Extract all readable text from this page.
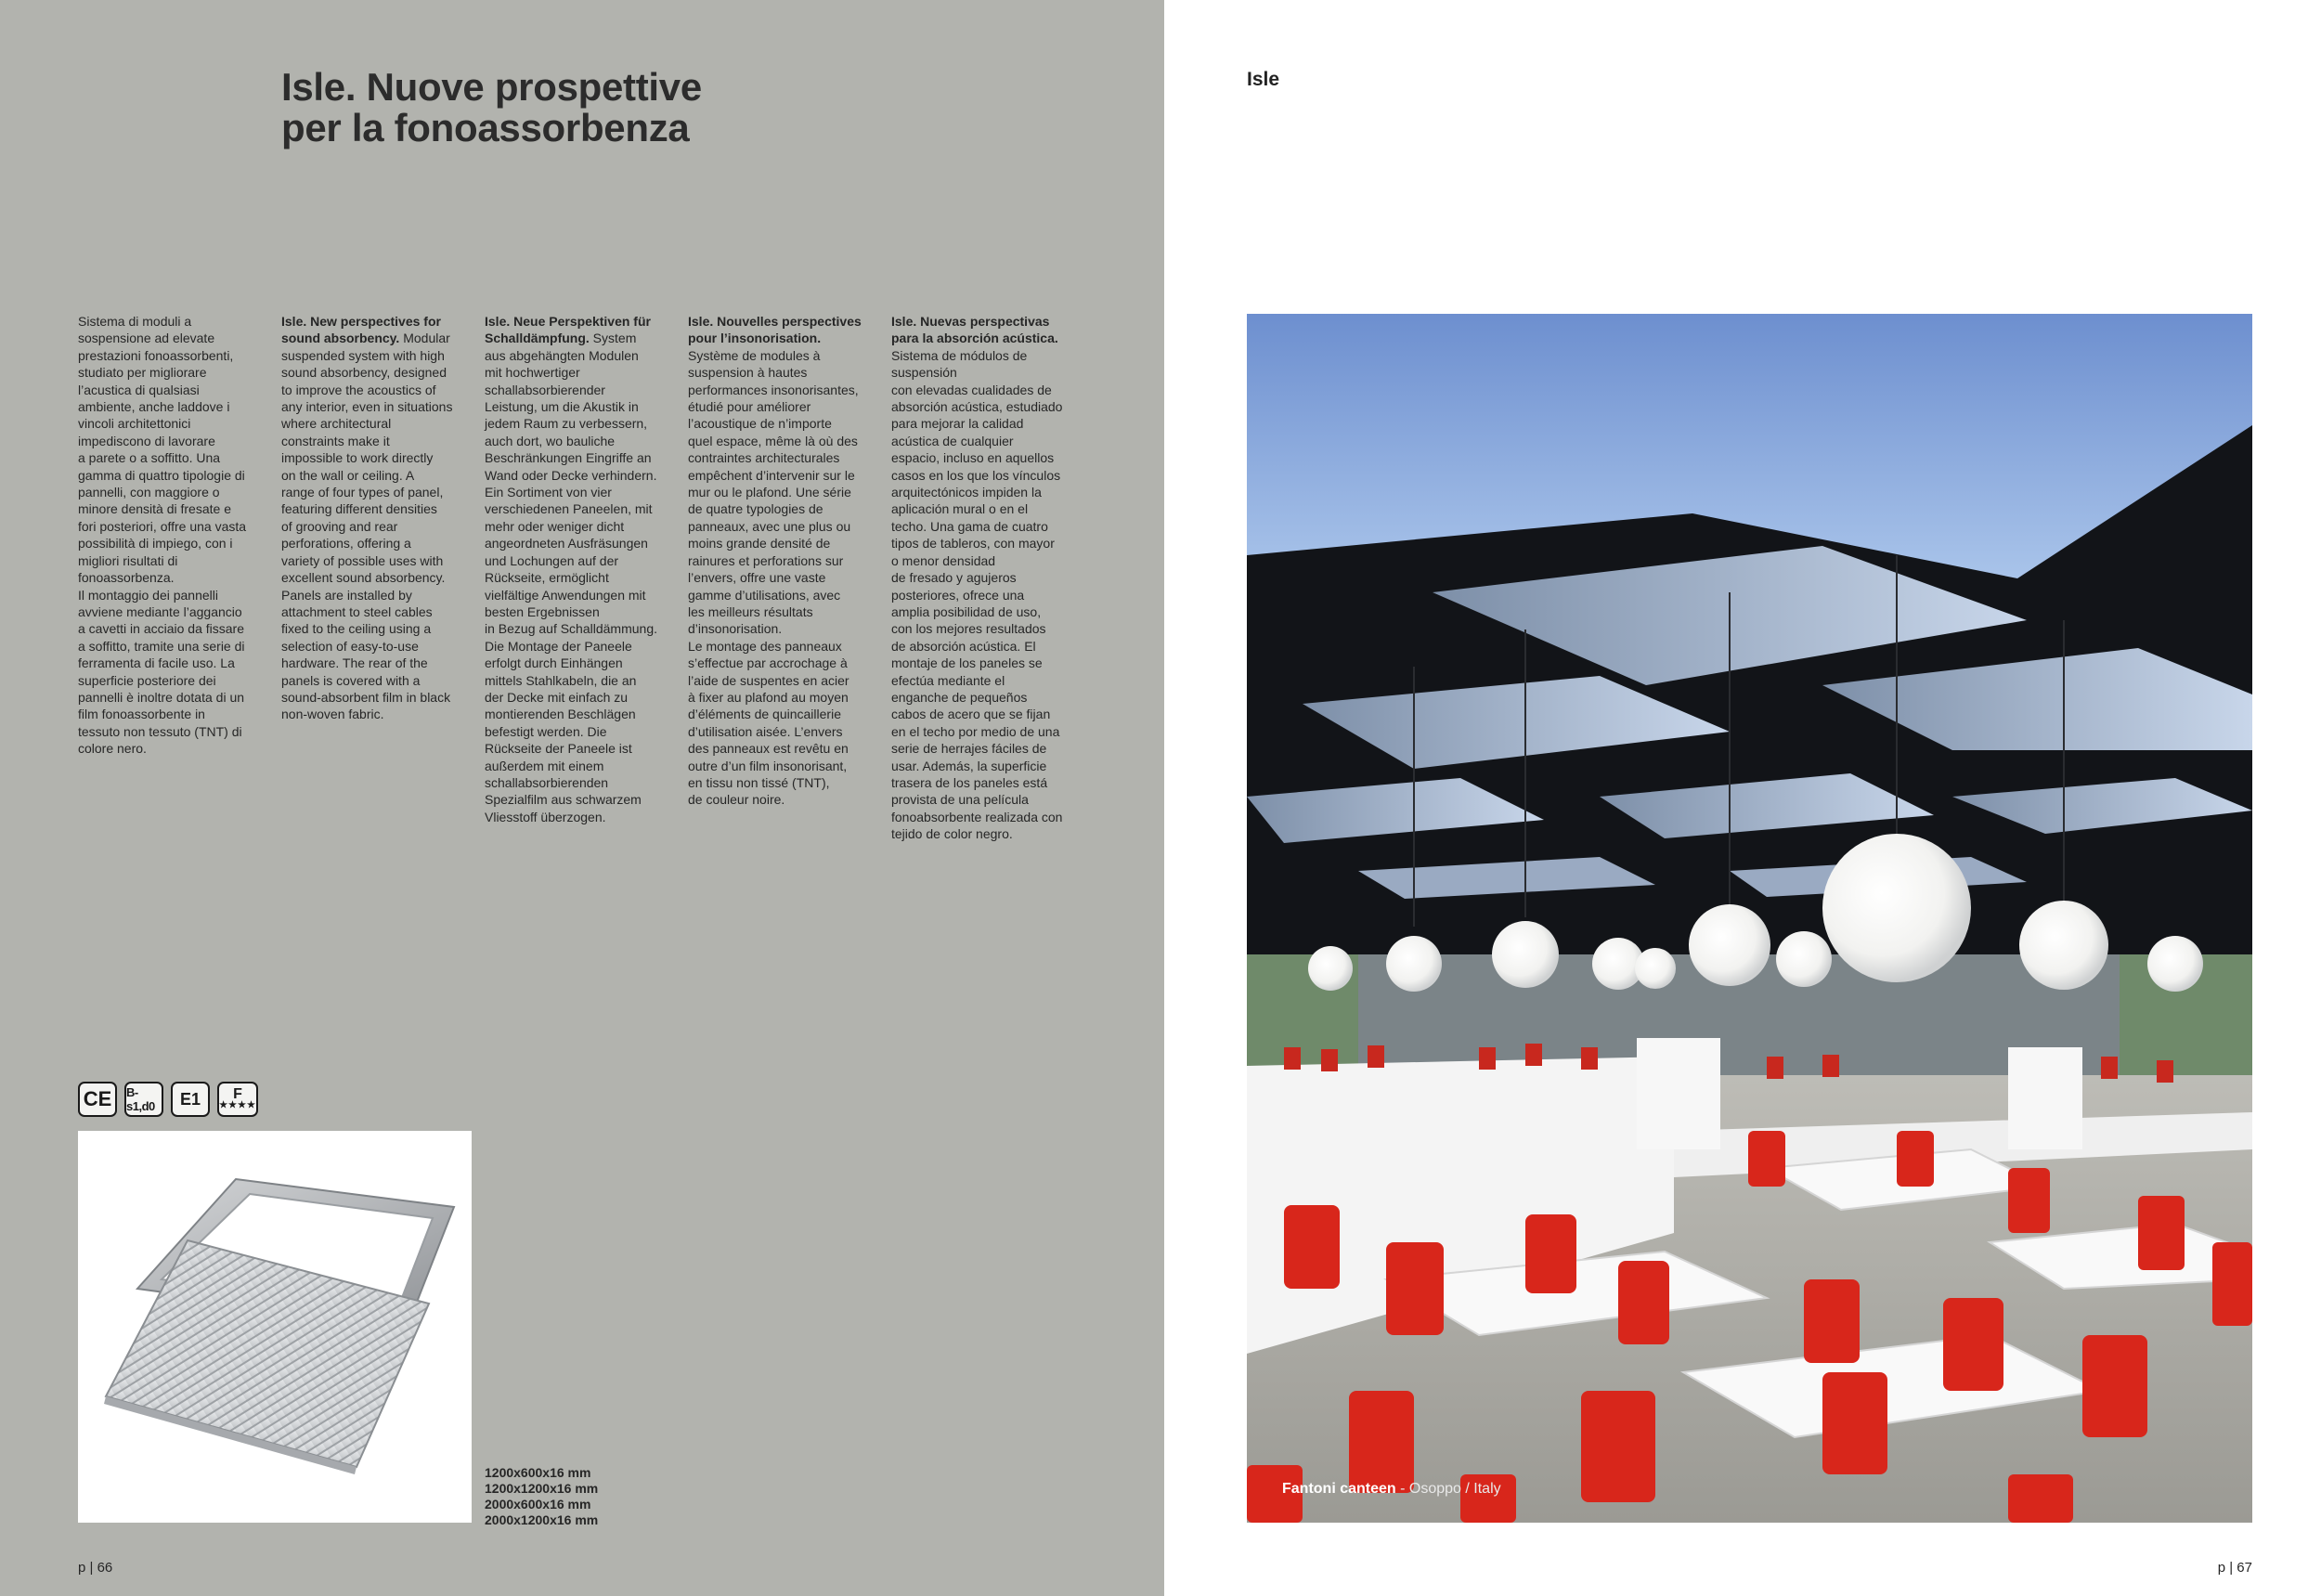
Isle. Nuove prospettive
per la fonoassorbenza
Sistema di moduli a
sospensione ad elevate
prestazioni fonoassorbenti,
studiato per migliorare
l’acustica di qualsiasi
ambiente, anche laddove i
vincoli architettonici
impediscono di lavorare
a parete o a soffitto. Una
gamma di quattro tipologie di
pannelli, con maggiore o
minore densità di fresate e
fori posteriori, offre una vasta
possibilità di impiego, con i
migliori risultati di
fonoassorbenza.
Il montaggio dei pannelli
avviene mediante l’aggancio
a cavetti in acciaio da fissare
a soffitto, tramite una serie di
ferramenta di facile uso. La
superficie posteriore dei
pannelli è inoltre dotata di un
film fonoassorbente in
tessuto non tessuto (TNT) di
colore nero.
Isle. New perspectives for
sound absorbency. Modular
suspended system with high
sound absorbency, designed
to improve the acoustics of
any interior, even in situations
where architectural
constraints make it
impossible to work directly
on the wall or ceiling. A
range of four types of panel,
featuring different densities
of grooving and rear
perforations, offering a
variety of possible uses with
excellent sound absorbency.
Panels are installed by
attachment to steel cables
fixed to the ceiling using a
selection of easy-to-use
hardware. The rear of the
panels is covered with a
sound-absorbent film in black
non-woven fabric.
Isle. Neue Perspektiven für
Schalldämpfung. System
aus abgehängten Modulen
mit hochwertiger
schallabsorbierender
Leistung, um die Akustik in
jedem Raum zu verbessern,
auch dort, wo bauliche
Beschränkungen Eingriffe an
Wand oder Decke verhindern.
Ein Sortiment von vier
verschiedenen Paneelen, mit
mehr oder weniger dicht
angeordneten Ausfräsungen
und Lochungen auf der
Rückseite, ermöglicht
vielfältige Anwendungen mit
besten Ergebnissen
in Bezug auf Schalldämmung.
Die Montage der Paneele
erfolgt durch Einhängen
mittels Stahlkabeln, die an
der Decke mit einfach zu
montierenden Beschlägen
befestigt werden. Die
Rückseite der Paneele ist
außerdem mit einem
schallabsorbierenden
Spezialfilm aus schwarzem
Vliesstoff überzogen.
Isle. Nouvelles perspectives
pour l’insonorisation.
Système de modules à
suspension à hautes
performances insonorisantes,
étudié pour améliorer
l’acoustique de n’importe
quel espace, même là où des
contraintes architecturales
empêchent d’intervenir sur le
mur ou le plafond. Une série
de quatre typologies de
panneaux, avec une plus ou
moins grande densité de
rainures et perforations sur
l’envers, offre une vaste
gamme d’utilisations, avec
les meilleurs résultats
d’insonorisation.
Le montage des panneaux
s’effectue par accrochage à
l’aide de suspentes en acier
à fixer au plafond au moyen
d’éléments de quincaillerie
d’utilisation aisée. L’envers
des panneaux est revêtu en
outre d’un film insonorisant,
en tissu non tissé (TNT),
de couleur noire.
Isle. Nuevas perspectivas
para la absorción acústica.
Sistema de módulos de
suspensión
con elevadas cualidades de
absorción acústica, estudiado
para mejorar la calidad
acústica de cualquier
espacio, incluso en aquellos
casos en los que los vínculos
arquitectónicos impiden la
aplicación mural o en el
techo. Una gama de cuatro
tipos de tableros, con mayor
o menor densidad
de fresado y agujeros
posteriores, ofrece una
amplia posibilidad de uso,
con los mejores resultados
de absorción acústica. El
montaje de los paneles se
efectúa mediante el
enganche de pequeños
cabos de acero que se fijan
en el techo por medio de una
serie de herrajes fáciles de
usar. Además, la superficie
trasera de los paneles está
provista de una película
fonoabsorbente realizada con
tejido de color negro.
CE	B-s1,d0	E1	F
★★★★
1200x600x16 mm
1200x1200x16 mm
2000x600x16 mm
2000x1200x16 mm
p | 66
Isle
Fantoni canteen - Osoppo / Italy
p | 67
